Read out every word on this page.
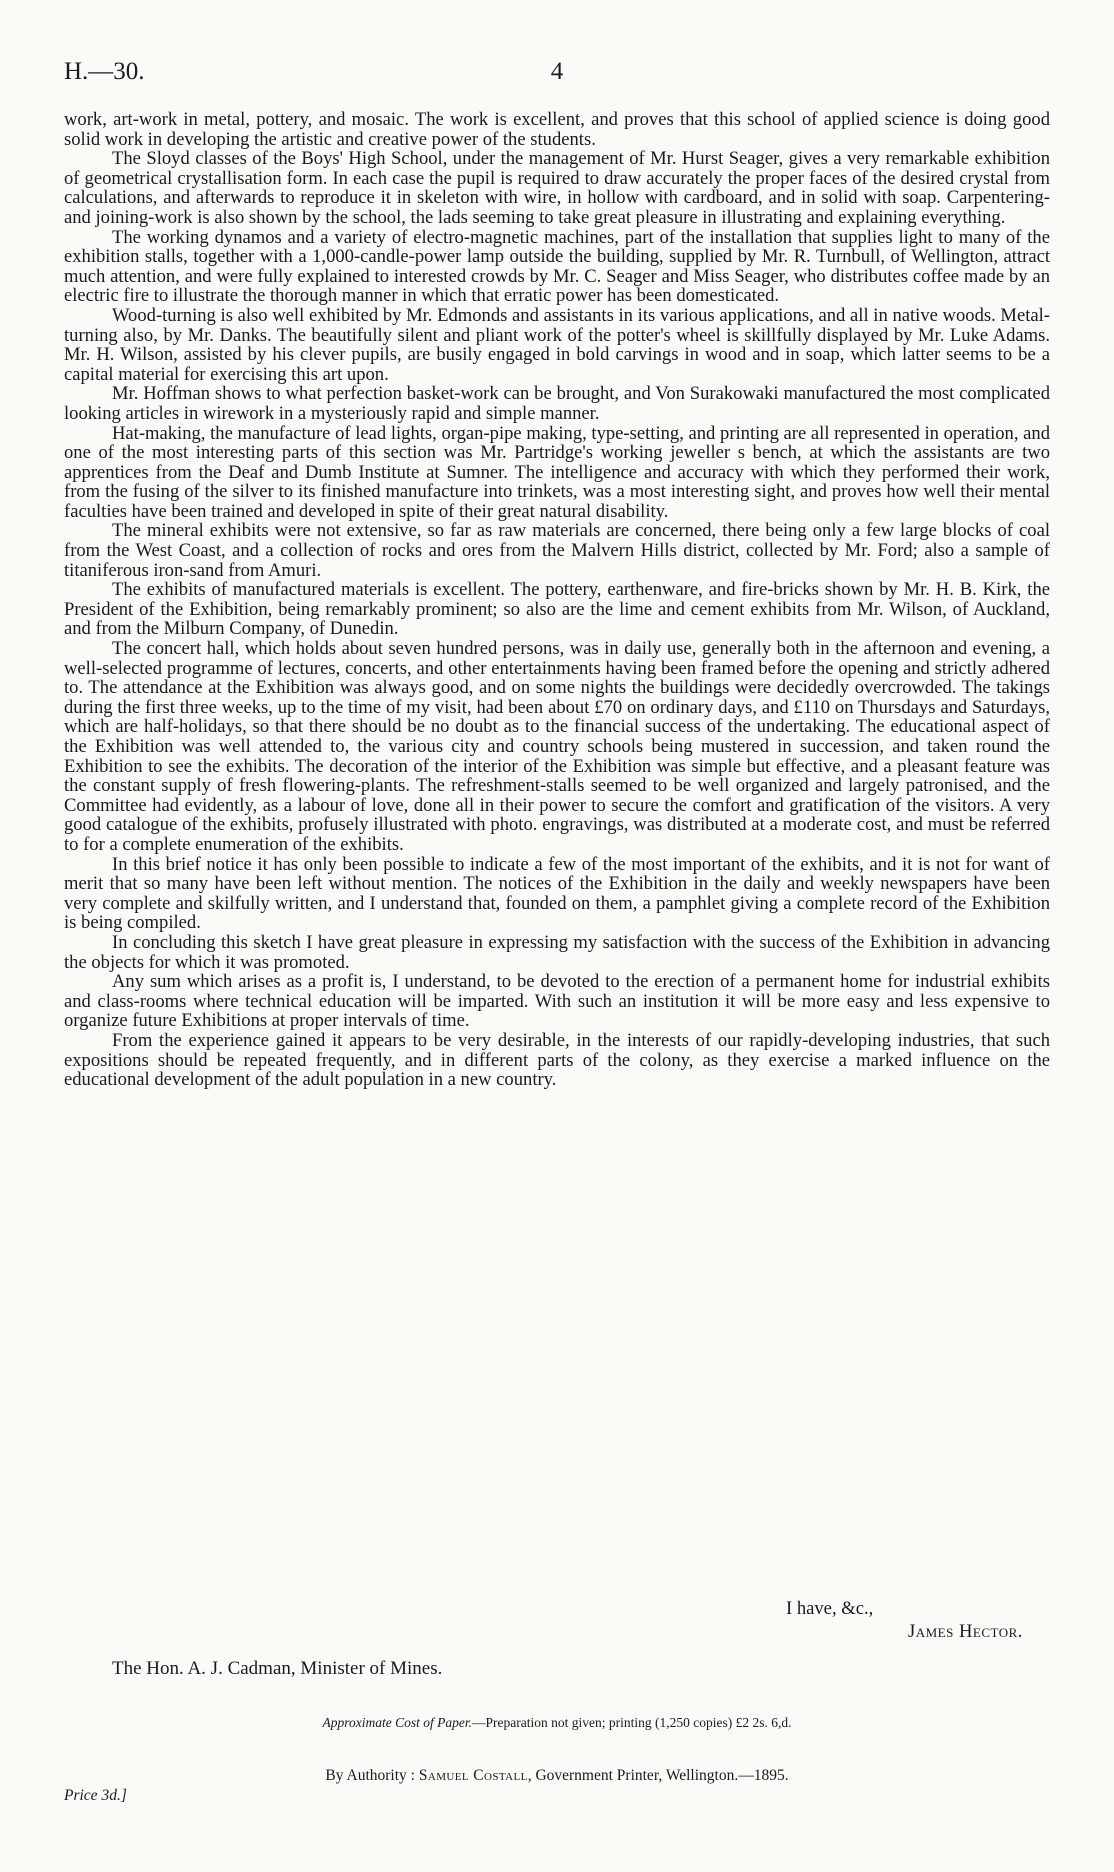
H.—30.	4

work, art-work in metal, pottery, and mosaic. The work is excellent, and proves that this school of applied science is doing good solid work in developing the artistic and creative power of the students.

The Sloyd classes of the Boys' High School, under the management of Mr. Hurst Seager, gives a very remarkable exhibition of geometrical crystallisation form. In each case the pupil is required to draw accurately the proper faces of the desired crystal from calculations, and afterwards to reproduce it in skeleton with wire, in hollow with cardboard, and in solid with soap. Carpentering- and joining-work is also shown by the school, the lads seeming to take great pleasure in illustrating and explaining everything.

The working dynamos and a variety of electro-magnetic machines, part of the installation that supplies light to many of the exhibition stalls, together with a 1,000-candle-power lamp outside the building, supplied by Mr. R. Turnbull, of Wellington, attract much attention, and were fully explained to interested crowds by Mr. C. Seager and Miss Seager, who distributes coffee made by an electric fire to illustrate the thorough manner in which that erratic power has been domesticated.

Wood-turning is also well exhibited by Mr. Edmonds and assistants in its various applications, and all in native woods. Metal-turning also, by Mr. Danks. The beautifully silent and pliant work of the potter's wheel is skillfully displayed by Mr. Luke Adams. Mr. H. Wilson, assisted by his clever pupils, are busily engaged in bold carvings in wood and in soap, which latter seems to be a capital material for exercising this art upon.

Mr. Hoffman shows to what perfection basket-work can be brought, and Von Surakowaki manufactured the most complicated looking articles in wirework in a mysteriously rapid and simple manner.

Hat-making, the manufacture of lead lights, organ-pipe making, type-setting, and printing are all represented in operation, and one of the most interesting parts of this section was Mr. Partridge's working jeweller s bench, at which the assistants are two apprentices from the Deaf and Dumb Institute at Sumner. The intelligence and accuracy with which they performed their work, from the fusing of the silver to its finished manufacture into trinkets, was a most interesting sight, and proves how well their mental faculties have been trained and developed in spite of their great natural disability.

The mineral exhibits were not extensive, so far as raw materials are concerned, there being only a few large blocks of coal from the West Coast, and a collection of rocks and ores from the Malvern Hills district, collected by Mr. Ford; also a sample of titaniferous iron-sand from Amuri.

The exhibits of manufactured materials is excellent. The pottery, earthenware, and fire-bricks shown by Mr. H. B. Kirk, the President of the Exhibition, being remarkably prominent; so also are the lime and cement exhibits from Mr. Wilson, of Auckland, and from the Milburn Company, of Dunedin.

The concert hall, which holds about seven hundred persons, was in daily use, generally both in the afternoon and evening, a well-selected programme of lectures, concerts, and other entertainments having been framed before the opening and strictly adhered to. The attendance at the Exhibition was always good, and on some nights the buildings were decidedly overcrowded. The takings during the first three weeks, up to the time of my visit, had been about £70 on ordinary days, and £110 on Thursdays and Saturdays, which are half-holidays, so that there should be no doubt as to the financial success of the undertaking. The educational aspect of the Exhibition was well attended to, the various city and country schools being mustered in succession, and taken round the Exhibition to see the exhibits. The decoration of the interior of the Exhibition was simple but effective, and a pleasant feature was the constant supply of fresh flowering-plants. The refreshment-stalls seemed to be well organized and largely patronised, and the Committee had evidently, as a labour of love, done all in their power to secure the comfort and gratification of the visitors. A very good catalogue of the exhibits, profusely illustrated with photo. engravings, was distributed at a moderate cost, and must be referred to for a complete enumeration of the exhibits.

In this brief notice it has only been possible to indicate a few of the most important of the exhibits, and it is not for want of merit that so many have been left without mention. The notices of the Exhibition in the daily and weekly newspapers have been very complete and skilfully written, and I understand that, founded on them, a pamphlet giving a complete record of the Exhibition is being compiled.

In concluding this sketch I have great pleasure in expressing my satisfaction with the success of the Exhibition in advancing the objects for which it was promoted.

Any sum which arises as a profit is, I understand, to be devoted to the erection of a permanent home for industrial exhibits and class-rooms where technical education will be imparted. With such an institution it will be more easy and less expensive to organize future Exhibitions at proper intervals of time.

From the experience gained it appears to be very desirable, in the interests of our rapidly-developing industries, that such expositions should be repeated frequently, and in different parts of the colony, as they exercise a marked influence on the educational development of the adult population in a new country.

I have, &c.,
James Hector.
The Hon. A. J. Cadman, Minister of Mines.
Approximate Cost of Paper.—Preparation not given; printing (1,250 copies) £2 2s. 6,d.
By Authority : Samuel Costall, Government Printer, Wellington.—1895.
Price 3d.]
